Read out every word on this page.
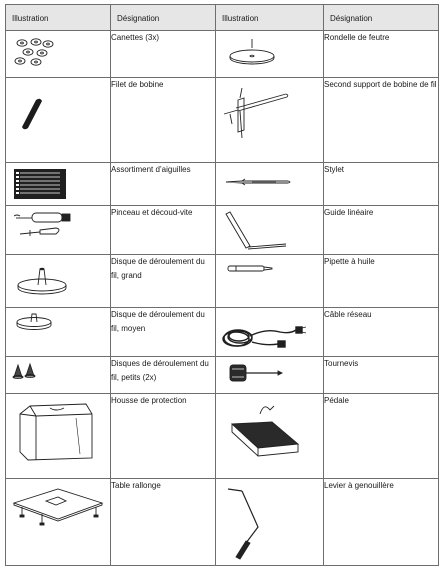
Illustration	Désignation	Illustration	Désignation

	Canettes (3x)		Rondelle de feutre

	Filet de bobine		Second support de bobine de fil

	Assortiment d’aiguilles		Stylet

	Pinceau et découd-vite		Guide linéaire

	Disque de déroulement du fil, grand		Pipette à huile

	Disque de déroulement du fil, moyen		Câble réseau

	Disques de déroulement du fil, petits (2x)		Tournevis

	Housse de protection		Pédale

	Table rallonge		Levier à genouillère
